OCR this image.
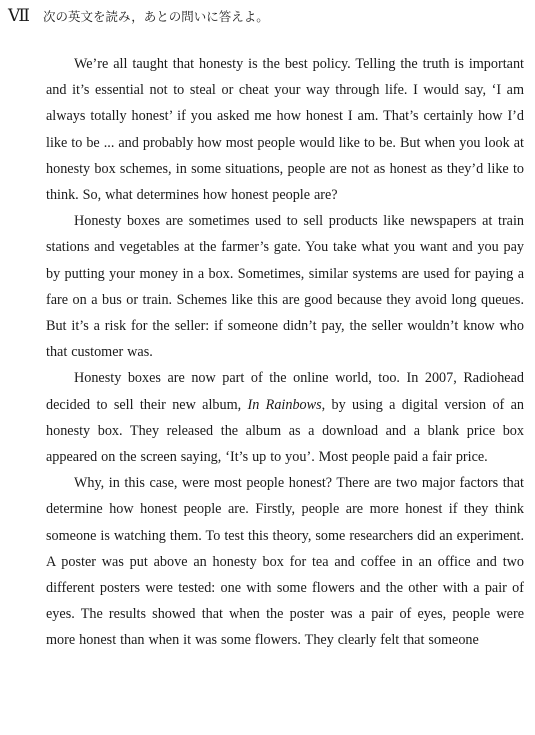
Ⅶ 次の英文を読み，あとの問いに答えよ。

We’re all taught that honesty is the best policy. Telling the truth is important and it’s essential not to steal or cheat your way through life. I would say, ‘I am always totally honest’ if you asked me how honest I am. That’s certainly how I’d like to be ... and probably how most people would like to be. But when you look at honesty box schemes, in some situations, people are not as honest as they’d like to think. So, what determines how honest people are?

Honesty boxes are sometimes used to sell products like newspapers at train stations and vegetables at the farmer’s gate. You take what you want and you pay by putting your money in a box. Sometimes, similar systems are used for paying a fare on a bus or train. Schemes like this are good because they avoid long queues. But it’s a risk for the seller: if someone didn’t pay, the seller wouldn’t know who that customer was.

Honesty boxes are now part of the online world, too. In 2007, Radiohead decided to sell their new album, In Rainbows, by using a digital version of an honesty box. They released the album as a download and a blank price box appeared on the screen saying, ‘It’s up to you’. Most people paid a fair price.

Why, in this case, were most people honest? There are two major factors that determine how honest people are. Firstly, people are more honest if they think someone is watching them. To test this theory, some researchers did an experiment. A poster was put above an honesty box for tea and coffee in an office and two different posters were tested: one with some flowers and the other with a pair of eyes. The results showed that when the poster was a pair of eyes, people were more honest than when it was some flowers. They clearly felt that someone
